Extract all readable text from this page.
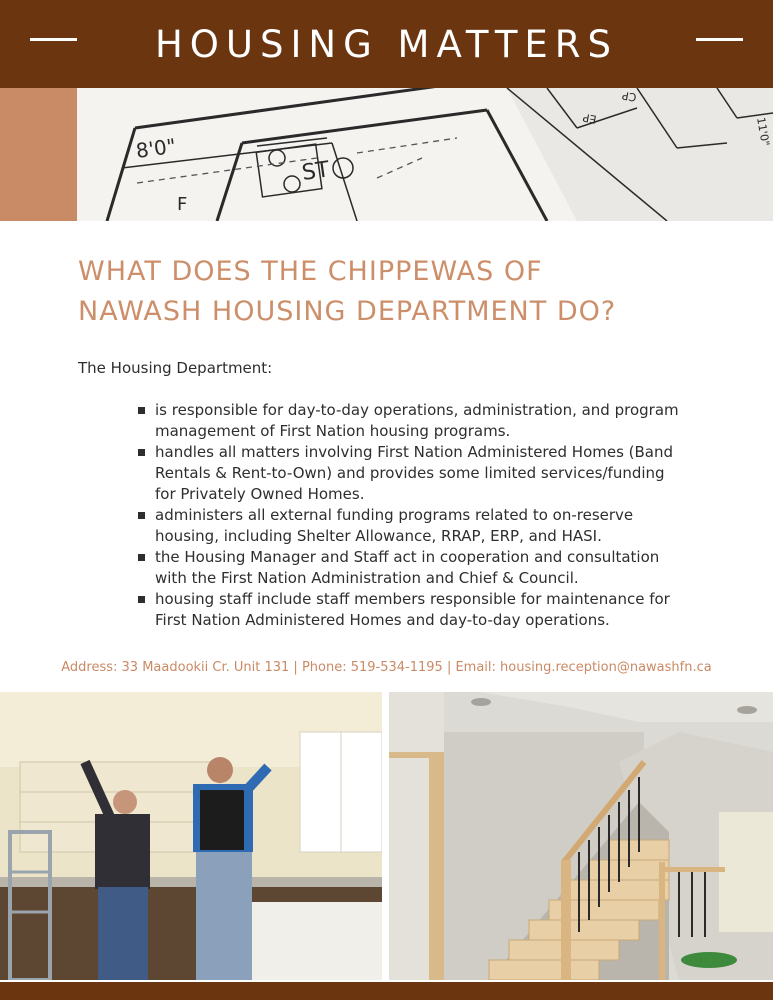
HOUSING MATTERS
8'0"
ST
F
11'0"
EP
CP
WHAT DOES THE CHIPPEWAS OF
NAWASH HOUSING DEPARTMENT DO?
The Housing Department:
is responsible for day-to-day operations, administration, and program
management of First Nation housing programs.
handles all matters involving First Nation Administered Homes (Band
Rentals & Rent-to-Own) and provides some limited services/funding
for Privately Owned Homes.
administers all external funding programs related to on-reserve
housing, including Shelter Allowance, RRAP, ERP, and HASI.
the Housing Manager and Staff act in cooperation and consultation
with the First Nation Administration and Chief & Council.
housing staff include staff members responsible for maintenance for
First Nation Administered Homes and day-to-day operations.
Address: 33 Maadookii Cr. Unit 131 | Phone: 519-534-1195 | Email: housing.reception@nawashfn.ca
